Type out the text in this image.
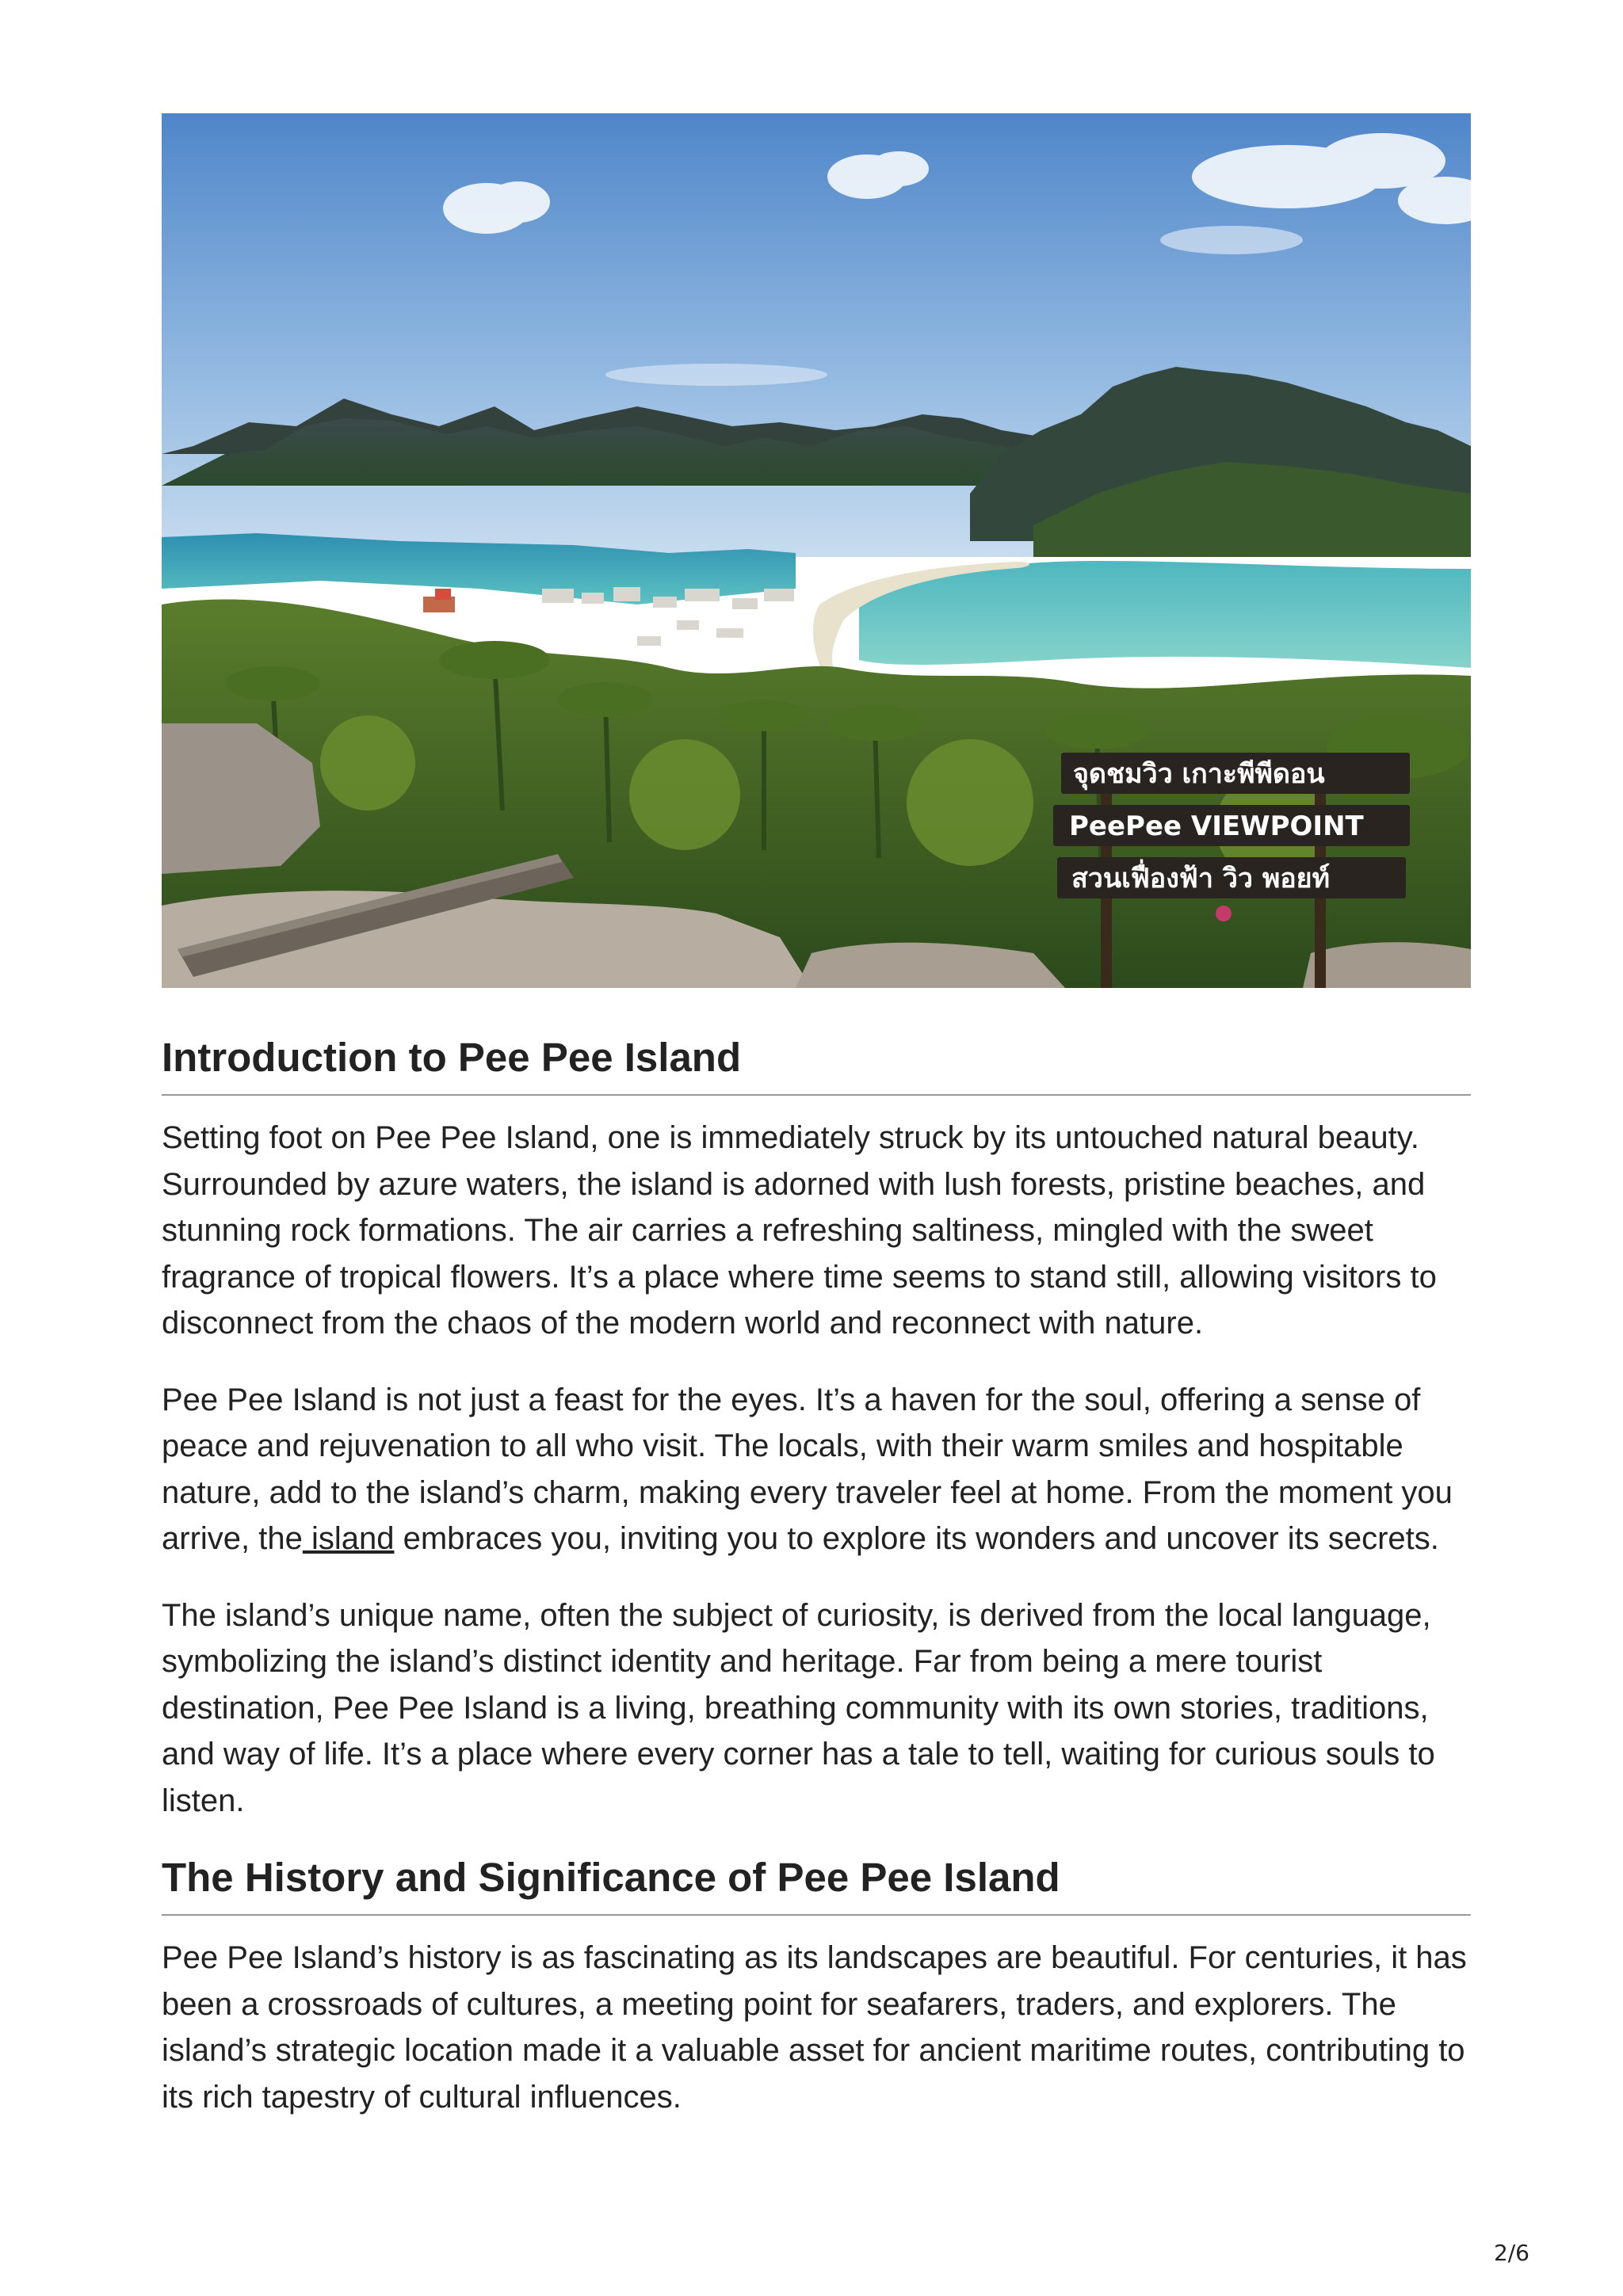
จุดชมวิว เกาะพีพีดอน
PeePee VIEWPOINT
สวนเฟื่องฟ้า วิว พอยท์
Introduction to Pee Pee Island

Setting foot on Pee Pee Island, one is immediately struck by its untouched natural beauty. Surrounded by azure waters, the island is adorned with lush forests, pristine beaches, and stunning rock formations. The air carries a refreshing saltiness, mingled with the sweet fragrance of tropical flowers. It’s a place where time seems to stand still, allowing visitors to disconnect from the chaos of the modern world and reconnect with nature.

Pee Pee Island is not just a feast for the eyes. It’s a haven for the soul, offering a sense of peace and rejuvenation to all who visit. The locals, with their warm smiles and hospitable nature, add to the island’s charm, making every traveler feel at home. From the moment you arrive, the island embraces you, inviting you to explore its wonders and uncover its secrets.

The island’s unique name, often the subject of curiosity, is derived from the local language, symbolizing the island’s distinct identity and heritage. Far from being a mere tourist destination, Pee Pee Island is a living, breathing community with its own stories, traditions, and way of life. It’s a place where every corner has a tale to tell, waiting for curious souls to listen.

The History and Significance of Pee Pee Island

Pee Pee Island’s history is as fascinating as its landscapes are beautiful. For centuries, it has been a crossroads of cultures, a meeting point for seafarers, traders, and explorers. The island’s strategic location made it a valuable asset for ancient maritime routes, contributing to its rich tapestry of cultural influences.

2/6
